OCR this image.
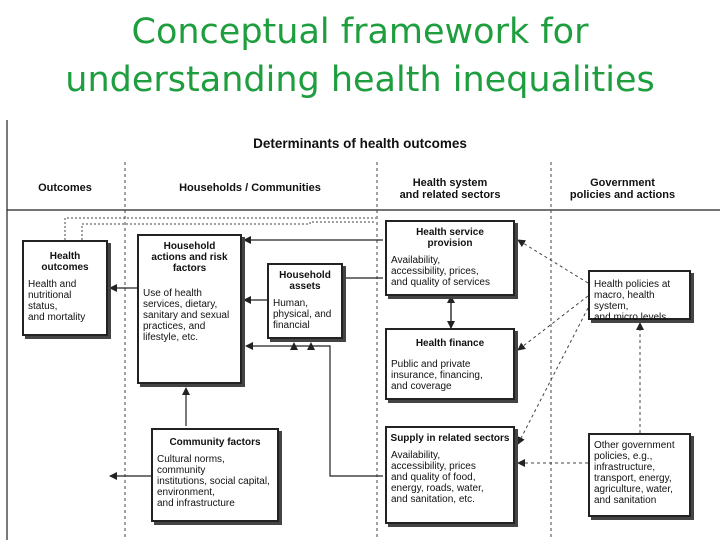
Conceptual framework for
understanding health inequalities
Determinants of health outcomes
Outcomes	Households / Communities	Health system
and related sectors
Government
policies and actions
Health
outcomes
Health and
nutritional status,
and mortality
Household
actions and risk
factors
Use of health
services, dietary,
sanitary and sexual
practices, and
lifestyle, etc.
Household
assets
Human,
physical, and
financial
Community factors
Cultural norms,
community
institutions, social capital,
environment,
and infrastructure
Health service
provision
Availability,
accessibility, prices,
and quality of services
Health finance
Public and private
insurance, financing,
and coverage
Supply in related sectors
Availability,
accessibility, prices
and quality of food,
energy, roads, water,
and sanitation, etc.
Health policies at
macro, health system,
and micro levels.
Other government
policies, e.g.,
infrastructure,
transport, energy,
agriculture, water,
and sanitation
